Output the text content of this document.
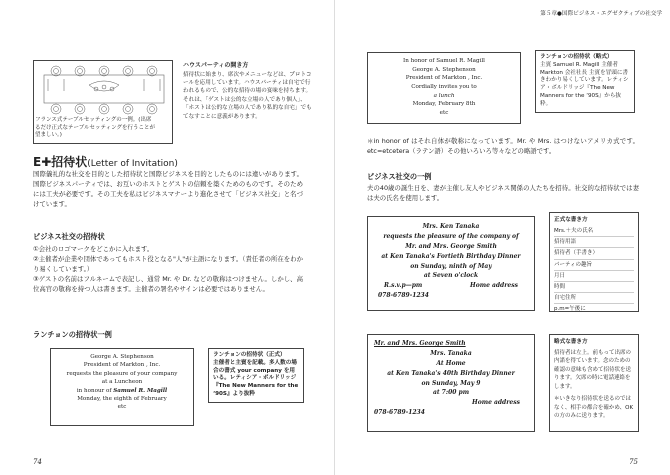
フランス式テーブルセッティングの一例。(出席るだけ正式なテーブルセッティングを行うことが望ましい。)
ハウスパーティの開き方
招待状に始まり、席次やメニューなどは、プロトコールを応用しています。ハウスパーティは自宅で行われるもので、公的な招待の場の宴味を持ちます。それは、「ゲストは公的な立場の人であり個人」、「ホストは公的な立場の人であり私的な自宅」でもてなすことに意義があります。
E✚招待状(Letter of Invitation)
国際儀礼的な社交を目的とした招待状と国際ビジネスを目的としたものには違いがあります。国際ビジネスパーティでは、お互いのホストとゲストの信頼を築くためのものです。そのためには工夫が必要です。その工夫を私はビジネスマナーより進化させて「ビジネス社交」と名づけています。
ビジネス社交の招待状
①会社のロゴマークをどこかに入れます。
②主催者が企業や団体であってもホスト役となる"人"が主語になります。（責任者の所在をわかり易くしています。）
③ゲストの名前はフルネームで表記し、通常 Mr. や Dr. などの敬称はつけません。しかし、高位高官の敬称を持つ人は書きます。主催者の署名やサインは必要ではありません。
ランチョンの招待状一例
George A. Stephenson
President of Markton , Inc.
requests the pleasure of your company
at a Luncheon
in honour of Samuel R. Magill
Monday, the eighth of February
etc
ランチョンの招待状（正式）
主催者と主賓を記載。多人数の場合の書式 your company を用いる。レティシア・ボルドリッジ『The New Manners for the ‘90S』より抜粋
74
第５章●国際ビジネス・エグゼクティブの社交学
In honor of Samuel R. Magill
George A. Stephenson
President of Markton , Inc.
Cordially invites you to
a lunch
Monday, February 8th
etc
ランチョンの招待状（略式）
主賓 Samuel R. Magill 主催者 Markton 会社社長 主賓を冒頭に書きわかり易くしています。レティシア・ボルドリッジ『The New Manners for the ‘90S』から抜粋。
＊in honor of はそれ自体が敬称になっています。Mr. や Mrs. はつけないアメリカ式です。etc=etcetera（ラテン語）その他いろいろ等々などの略語です。
ビジネス社交の一例
夫の40歳の誕生日を、妻が主催し友人やビジネス関係の人たちを招待。社交的な招待状では妻は夫の氏名を使用します。
Mrs. Ken Tanaka
requests the pleasure of the company of
Mr. and Mrs. George Smith
at Ken Tanaka's Fortieth Birthday Dinner
on Sunday, ninth of May
at Seven o'clock
R.s.v.p—pm	Home address
078-6789-1234
正式な書き方
Mrs.＋夫の氏名
招待用語
招待者（手書き）
パーティの趣旨
月日
時間
自宅住所
p.m=午後に
Mr. and Mrs. George Smith
Mrs. Tanaka
At Home
at Ken Tanaka's 40th Birthday Dinner
on Sunday, May 9
at 7:00 pm
Home address
078-6789-1234
略式な書き方
招待者は左上。前もって出席の内諾を得ています。念のための確認の意味も含めて招待状を送ります。欠席の時に電話連絡をします。
＊いきなり招待状を送るのではなく、相手の都合を確かめ、OK の方のみに送ります。
75
